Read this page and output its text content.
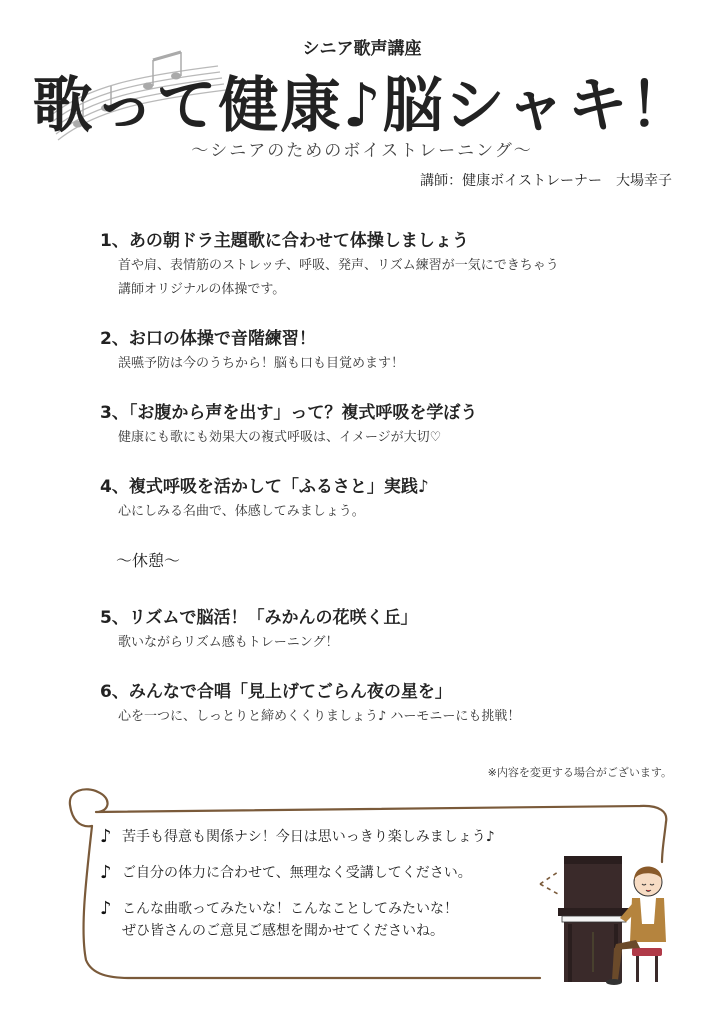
シニア歌声講座
歌って健康♪脳シャキ！
〜シニアのためのボイストレーニング〜
講師：健康ボイストレーナー　大場幸子
1、あの朝ドラ主題歌に合わせて体操しましょう
首や肩、表情筋のストレッチ、呼吸、発声、リズム練習が一気にできちゃう
講師オリジナルの体操です。
2、お口の体操で音階練習！
誤嚥予防は今のうちから！脳も口も目覚めます！
3、「お腹から声を出す」って？複式呼吸を学ぼう
健康にも歌にも効果大の複式呼吸は、イメージが大切♡
4、複式呼吸を活かして「ふるさと」実践♪
心にしみる名曲で、体感してみましょう。
〜休憩〜
5、リズムで脳活！「みかんの花咲く丘」
歌いながらリズム感もトレーニング！
6、みんなで合唱「見上げてごらん夜の星を」
心を一つに、しっとりと締めくくりましょう♪ ハーモニーにも挑戦！
※内容を変更する場合がございます。
♪ 苦手も得意も関係ナシ！今日は思いっきり楽しみましょう♪
♪ ご自分の体力に合わせて、無理なく受講してください。
♪ こんな曲歌ってみたいな！こんなことしてみたいな！
ぜひ皆さんのご意見ご感想を聞かせてくださいね。
